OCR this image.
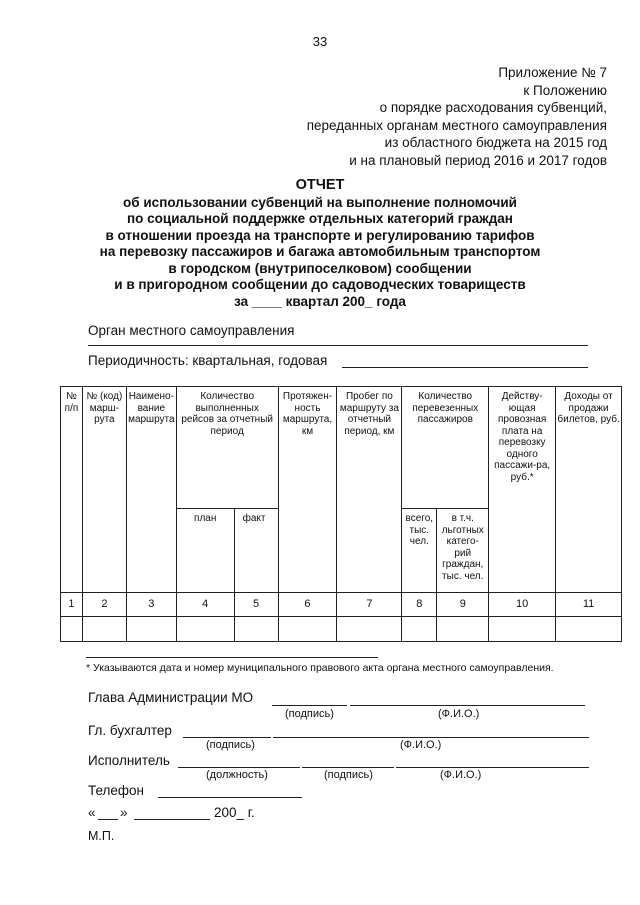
33
Приложение № 7
к Положению
о порядке расходования субвенций,
переданных органам местного самоуправления
из областного бюджета на 2015 год
и на плановый период 2016 и 2017 годов
ОТЧЕТ
об использовании субвенций на выполнение полномочий
по социальной поддержке отдельных категорий граждан
в отношении проезда на транспорте и регулированию тарифов
на перевозку пассажиров и багажа автомобильным транспортом
в городском (внутрипоселковом) сообщении
и в пригородном сообщении до садоводческих товариществ
за ____ квартал 200_ года
Орган местного самоуправления
Периодичность: квартальная, годовая
№ п/п	№ (код) марш-рута	Наимено-вание маршрута	Количество выполненных рейсов за отчетный период		Протяжен-ность маршрута, км	Пробег по маршруту за отчетный период, км	Количество перевезенных пассажиров		Действу-ющая провозная плата на перевозку одного пассажи-ра, руб.*	Доходы от продажи билетов, руб.
			план	факт			всего, тыс. чел.	в т.ч. льготных катего-рий граждан, тыс. чел.		
1	2	3	4	5	6	7	8	9	10	11

* Указываются дата и номер муниципального правового акта органа местного самоуправления.
Глава Администрации МО
(подпись)	(Ф.И.О.)
Гл. бухгалтер
(подпись)	(Ф.И.О.)
Исполнитель
(должность)	(подпись)	(Ф.И.О.)
Телефон
« »	200_ г.
М.П.
